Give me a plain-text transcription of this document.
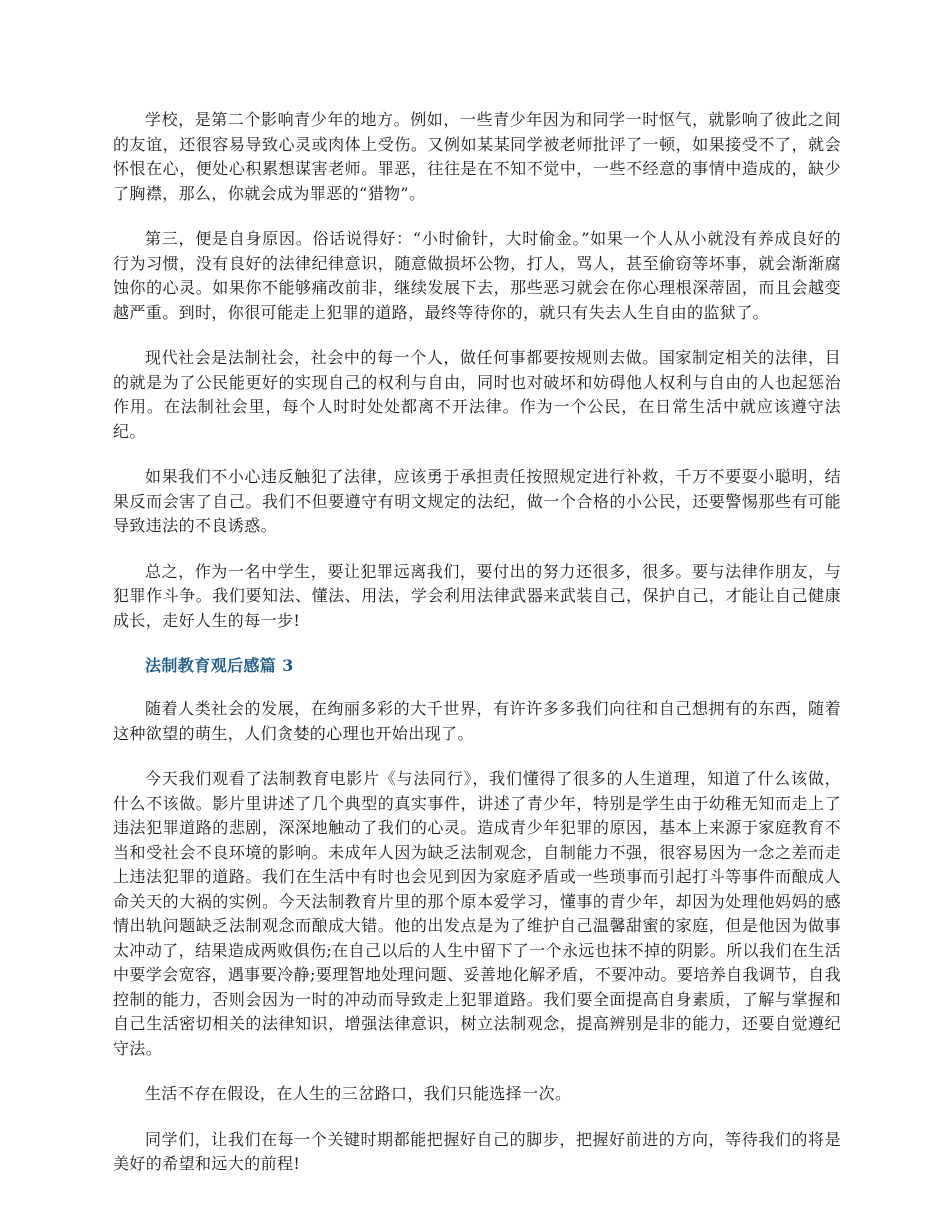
学校，是第二个影响青少年的地方。例如，一些青少年因为和同学一时怄气，就影响了彼此之间的友谊，还很容易导致心灵或肉体上受伤。又例如某某同学被老师批评了一顿，如果接受不了，就会怀恨在心，便处心积累想谋害老师。罪恶，往往是在不知不觉中，一些不经意的事情中造成的，缺少了胸襟，那么，你就会成为罪恶的“猎物”。

第三，便是自身原因。俗话说得好：“小时偷针，大时偷金。”如果一个人从小就没有养成良好的行为习惯，没有良好的法律纪律意识，随意做损坏公物，打人，骂人，甚至偷窃等坏事，就会渐渐腐蚀你的心灵。如果你不能够痛改前非，继续发展下去，那些恶习就会在你心理根深蒂固，而且会越变越严重。到时，你很可能走上犯罪的道路，最终等待你的，就只有失去人生自由的监狱了。

现代社会是法制社会，社会中的每一个人，做任何事都要按规则去做。国家制定相关的法律，目的就是为了公民能更好的实现自己的权利与自由，同时也对破坏和妨碍他人权利与自由的人也起惩治作用。在法制社会里，每个人时时处处都离不开法律。作为一个公民，在日常生活中就应该遵守法纪。

如果我们不小心违反触犯了法律，应该勇于承担责任按照规定进行补救，千万不要耍小聪明，结果反而会害了自己。我们不但要遵守有明文规定的法纪，做一个合格的小公民，还要警惕那些有可能导致违法的不良诱惑。

总之，作为一名中学生，要让犯罪远离我们，要付出的努力还很多，很多。要与法律作朋友，与犯罪作斗争。我们要知法、懂法、用法，学会利用法律武器来武装自己，保护自己，才能让自己健康成长，走好人生的每一步!

法制教育观后感篇 3

随着人类社会的发展，在绚丽多彩的大千世界，有许许多多我们向往和自己想拥有的东西，随着这种欲望的萌生，人们贪婪的心理也开始出现了。

今天我们观看了法制教育电影片《与法同行》，我们懂得了很多的人生道理，知道了什么该做，什么不该做。影片里讲述了几个典型的真实事件，讲述了青少年，特别是学生由于幼稚无知而走上了违法犯罪道路的悲剧，深深地触动了我们的心灵。造成青少年犯罪的原因，基本上来源于家庭教育不当和受社会不良环境的影响。未成年人因为缺乏法制观念，自制能力不强，很容易因为一念之差而走上违法犯罪的道路。我们在生活中有时也会见到因为家庭矛盾或一些琐事而引起打斗等事件而酿成人命关天的大祸的实例。今天法制教育片里的那个原本爱学习，懂事的青少年，却因为处理他妈妈的感情出轨问题缺乏法制观念而酿成大错。他的出发点是为了维护自己温馨甜蜜的家庭，但是他因为做事太冲动了，结果造成两败俱伤;在自己以后的人生中留下了一个永远也抹不掉的阴影。所以我们在生活中要学会宽容，遇事要冷静;要理智地处理问题、妥善地化解矛盾，不要冲动。要培养自我调节，自我控制的能力，否则会因为一时的冲动而导致走上犯罪道路。我们要全面提高自身素质，了解与掌握和自己生活密切相关的法律知识，增强法律意识，树立法制观念，提高辨别是非的能力，还要自觉遵纪守法。

生活不存在假设，在人生的三岔路口，我们只能选择一次。

同学们，让我们在每一个关键时期都能把握好自己的脚步，把握好前进的方向，等待我们的将是美好的希望和远大的前程!
